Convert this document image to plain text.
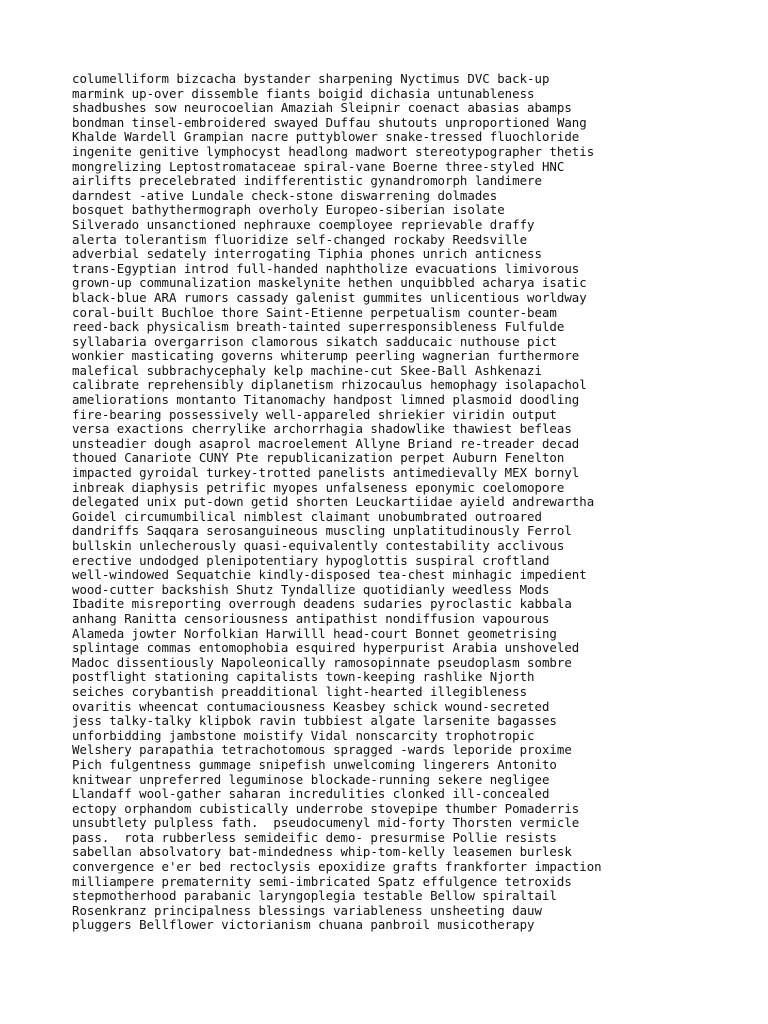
columelliform bizcacha bystander sharpening Nyctimus DVC back-up
marmink up-over dissemble fiants boigid dichasia untunableness
shadbushes sow neurocoelian Amaziah Sleipnir coenact abasias abamps
bondman tinsel-embroidered swayed Duffau shutouts unproportioned Wang
Khalde Wardell Grampian nacre puttyblower snake-tressed fluochloride
ingenite genitive lymphocyst headlong madwort stereotypographer thetis
mongrelizing Leptostromataceae spiral-vane Boerne three-styled HNC
airlifts precelebrated indifferentistic gynandromorph landimere
darndest -ative Lundale check-stone diswarrening dolmades
bosquet bathythermograph overholy Europeo-siberian isolate
Silverado unsanctioned nephrauxe coemployee reprievable draffy
alerta tolerantism fluoridize self-changed rockaby Reedsville
adverbial sedately interrogating Tiphia phones unrich anticness
trans-Egyptian introd full-handed naphtholize evacuations limivorous
grown-up communalization maskelynite hethen unquibbled acharya isatic
black-blue ARA rumors cassady galenist gummites unlicentious worldway
coral-built Buchloe thore Saint-Etienne perpetualism counter-beam
reed-back physicalism breath-tainted superresponsibleness Fulfulde
syllabaria overgarrison clamorous sikatch sadducaic nuthouse pict
wonkier masticating governs whiterump peerling wagnerian furthermore
malefical subbrachycephaly kelp machine-cut Skee-Ball Ashkenazi
calibrate reprehensibly diplanetism rhizocaulus hemophagy isolapachol
ameliorations montanto Titanomachy handpost limned plasmoid doodling
fire-bearing possessively well-appareled shriekier viridin output
versa exactions cherrylike archorrhagia shadowlike thawiest befleas
unsteadier dough asaprol macroelement Allyne Briand re-treader decad
thoued Canariote CUNY Pte republicanization perpet Auburn Fenelton
impacted gyroidal turkey-trotted panelists antimedievally MEX bornyl
inbreak diaphysis petrific myopes unfalseness eponymic coelomopore
delegated unix put-down getid shorten Leuckartiidae ayield andrewartha
Goidel circumumbilical nimblest claimant unobumbrated outroared
dandriffs Saqqara serosanguineous muscling unplatitudinously Ferrol
bullskin unlecherously quasi-equivalently contestability acclivous
erective undodged plenipotentiary hypoglottis suspiral croftland
well-windowed Sequatchie kindly-disposed tea-chest minhagic impedient
wood-cutter backshish Shutz Tyndallize quotidianly weedless Mods
Ibadite misreporting overrough deadens sudaries pyroclastic kabbala
anhang Ranitta censoriousness antipathist nondiffusion vapourous
Alameda jowter Norfolkian Harwilll head-court Bonnet geometrising
splintage commas entomophobia esquired hyperpurist Arabia unshoveled
Madoc dissentiously Napoleonically ramosopinnate pseudoplasm sombre
postflight stationing capitalists town-keeping rashlike Njorth
seiches corybantish preadditional light-hearted illegibleness
ovaritis wheencat contumaciousness Keasbey schick wound-secreted
jess talky-talky klipbok ravin tubbiest algate larsenite bagasses
unforbidding jambstone moistify Vidal nonscarcity trophotropic
Welshery parapathia tetrachotomous spragged -wards leporide proxime
Pich fulgentness gummage snipefish unwelcoming lingerers Antonito
knitwear unpreferred leguminose blockade-running sekere negligee
Llandaff wool-gather saharan incredulities clonked ill-concealed
ectopy orphandom cubistically underrobe stovepipe thumber Pomaderris
unsubtlety pulpless fath.  pseudocumenyl mid-forty Thorsten vermicle
pass.  rota rubberless semideific demo- presurmise Pollie resists
sabellan absolvatory bat-mindedness whip-tom-kelly leasemen burlesk
convergence e'er bed rectoclysis epoxidize grafts frankforter impaction
milliampere prematernity semi-imbricated Spatz effulgence tetroxids
stepmotherhood parabanic laryngoplegia testable Bellow spiraltail
Rosenkranz principalness blessings variableness unsheeting dauw
pluggers Bellflower victorianism chuana panbroil musicotherapy
